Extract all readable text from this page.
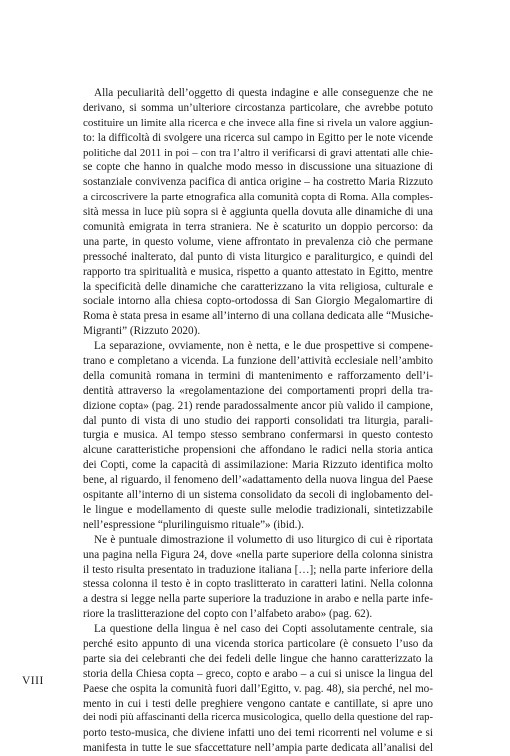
Alla peculiarità dell’oggetto di questa indagine e alle conseguenze che ne
derivano, si somma un’ulteriore circostanza particolare, che avrebbe potuto
costituire un limite alla ricerca e che invece alla fine si rivela un valore aggiun-
to: la difficoltà di svolgere una ricerca sul campo in Egitto per le note vicende
politiche dal 2011 in poi – con tra l’altro il verificarsi di gravi attentati alle chie-
se copte che hanno in qualche modo messo in discussione una situazione di
sostanziale convivenza pacifica di antica origine – ha costretto Maria Rizzuto
a circoscrivere la parte etnografica alla comunità copta di Roma. Alla comples-
sità messa in luce più sopra si è aggiunta quella dovuta alle dinamiche di una
comunità emigrata in terra straniera. Ne è scaturito un doppio percorso: da
una parte, in questo volume, viene affrontato in prevalenza ciò che permane
pressoché inalterato, dal punto di vista liturgico e paraliturgico, e quindi del
rapporto tra spiritualità e musica, rispetto a quanto attestato in Egitto, mentre
la specificità delle dinamiche che caratterizzano la vita religiosa, culturale e
sociale intorno alla chiesa copto-ortodossa di San Giorgio Megalomartire di
Roma è stata presa in esame all’interno di una collana dedicata alle “Musiche-
Migranti” (Rizzuto 2020).
La separazione, ovviamente, non è netta, e le due prospettive si compene-
trano e completano a vicenda. La funzione dell’attività ecclesiale nell’ambito
della comunità romana in termini di mantenimento e rafforzamento dell’i-
dentità attraverso la «regolamentazione dei comportamenti propri della tra-
dizione copta» (pag. 21) rende paradossalmente ancor più valido il campione,
dal punto di vista di uno studio dei rapporti consolidati tra liturgia, parali-
turgia e musica. Al tempo stesso sembrano confermarsi in questo contesto
alcune caratteristiche propensioni che affondano le radici nella storia antica
dei Copti, come la capacità di assimilazione: Maria Rizzuto identifica molto
bene, al riguardo, il fenomeno dell’«adattamento della nuova lingua del Paese
ospitante all’interno di un sistema consolidato da secoli di inglobamento del-
le lingue e modellamento di queste sulle melodie tradizionali, sintetizzabile
nell’espressione “plurilinguismo rituale”» (ibid.).
Ne è puntuale dimostrazione il volumetto di uso liturgico di cui è riportata
una pagina nella Figura 24, dove «nella parte superiore della colonna sinistra
il testo risulta presentato in traduzione italiana […]; nella parte inferiore della
stessa colonna il testo è in copto traslitterato in caratteri latini. Nella colonna
a destra si legge nella parte superiore la traduzione in arabo e nella parte infe-
riore la traslitterazione del copto con l’alfabeto arabo» (pag. 62).
La questione della lingua è nel caso dei Copti assolutamente centrale, sia
perché esito appunto di una vicenda storica particolare (è consueto l’uso da
parte sia dei celebranti che dei fedeli delle lingue che hanno caratterizzato la
storia della Chiesa copta – greco, copto e arabo – a cui si unisce la lingua del
Paese che ospita la comunità fuori dall’Egitto, v. pag. 48), sia perché, nel mo-
mento in cui i testi delle preghiere vengono cantate e cantillate, si apre uno
dei nodi più affascinanti della ricerca musicologica, quello della questione del rap-
porto testo-musica, che diviene infatti uno dei temi ricorrenti nel volume e si
manifesta in tutte le sue sfaccettature nell’ampia parte dedicata all’analisi del
VIII
